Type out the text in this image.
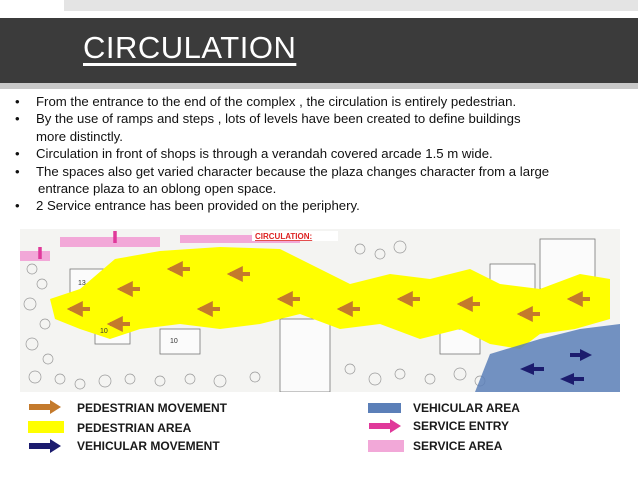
CIRCULATION
• From the entrance to the end of the complex , the circulation is entirely pedestrian.
• By the use of ramps and steps , lots of levels have been created to define buildings
more distinctly.
• Circulation in front of shops is through a verandah covered arcade 1.5 m wide.
• The spaces also get varied character because the plaza changes character from a large
entrance plaza to an oblong open space.
• 2 Service entrance has been provided on the periphery.
CIRCULATION:
13
10
10
PEDESTRIAN MOVEMENT
PEDESTRIAN AREA
VEHICULAR MOVEMENT
VEHICULAR AREA
SERVICE ENTRY
SERVICE AREA
